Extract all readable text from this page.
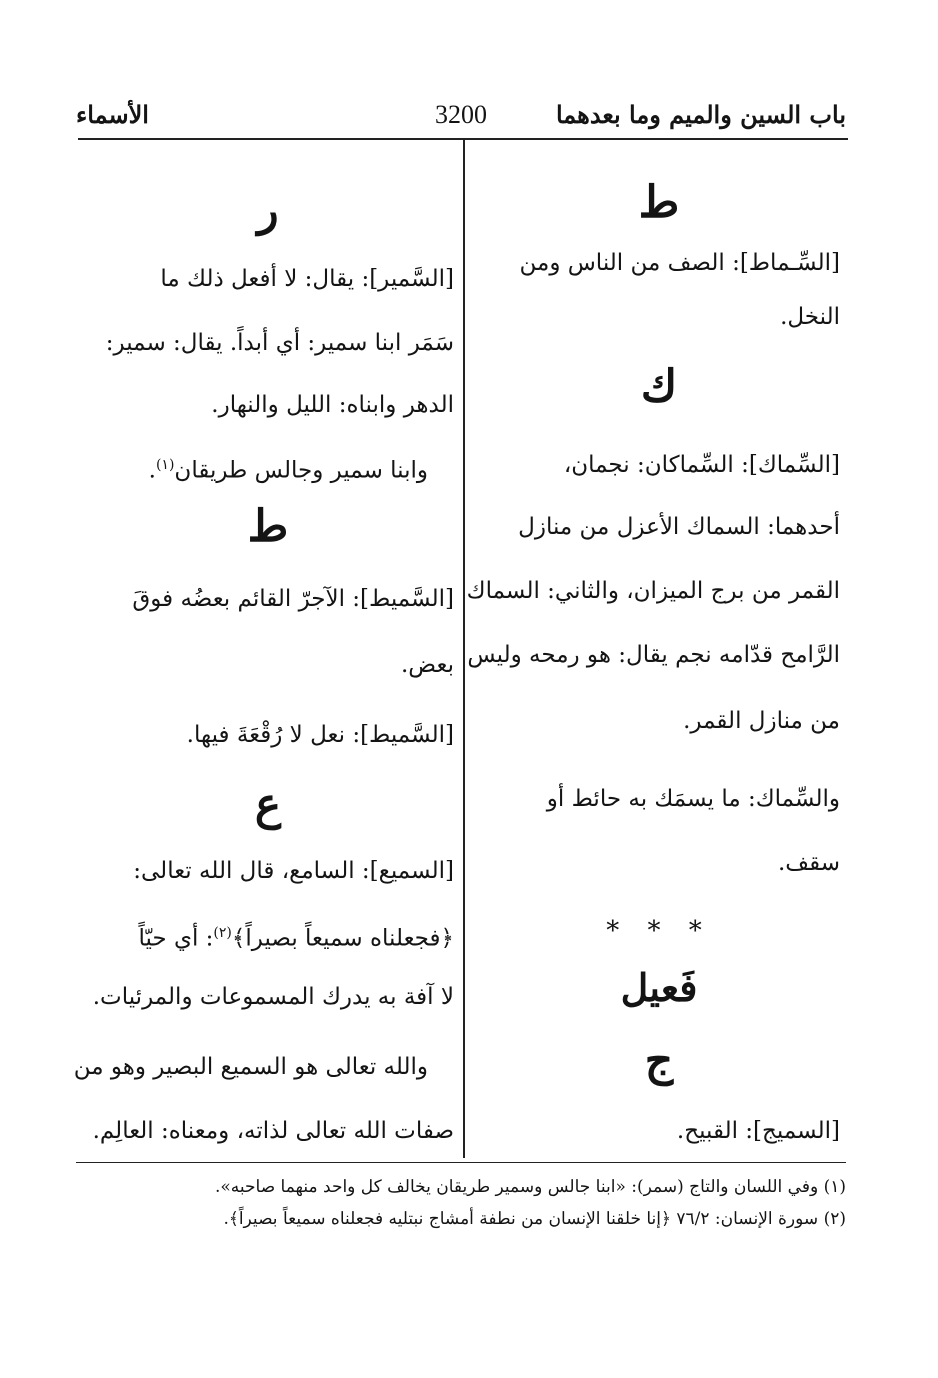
باب السين والميم وما بعدهما
3200
الأسماء
ط
[السِّـماط]: الصف من الناس ومن
النخل.
ك
[السِّماك]: السِّماكان: نجمان،
أحدهما: السماك الأعزل من منازل
القمر من برج الميزان، والثاني: السماك
الرَّامح قدّامه نجم يقال: هو رمحه وليس
من منازل القمر.
والسِّماك: ما يسمَك به حائط أو
سقف.
* * *
فَعيل
ج
[السميج]: القبيح.
ر
[السَّمير]: يقال: لا أفعل ذلك ما
سَمَر ابنا سمير: أي أبداً. يقال: سمير:
الدهر وابناه: الليل والنهار.
وابنا سمير وجالس طريقان$^{(١)}$.
ط
[السَّميط]: الآجرّ القائم بعضُه فوقَ
بعض.
[السَّميط]: نعل لا رُقْعَةَ فيها.
ع
[السميع]: السامع، قال الله تعالى:
﴿فجعلناه سميعاً بصيراً﴾$^{(٢)}$: أي حيّاً
لا آفة به يدرك المسموعات والمرئيات.
والله تعالى هو السميع البصير وهو من
صفات الله تعالى لذاته، ومعناه: العالِم.
(١) وفي اللسان والتاج (سمر): «ابنا جالس وسمير طريقان يخالف كل واحد منهما صاحبه».
(٢) سورة الإنسان: ٧٦/٢ ﴿إنا خلقنا الإنسان من نطفة أمشاج نبتليه فجعلناه سميعاً بصيراً﴾.
